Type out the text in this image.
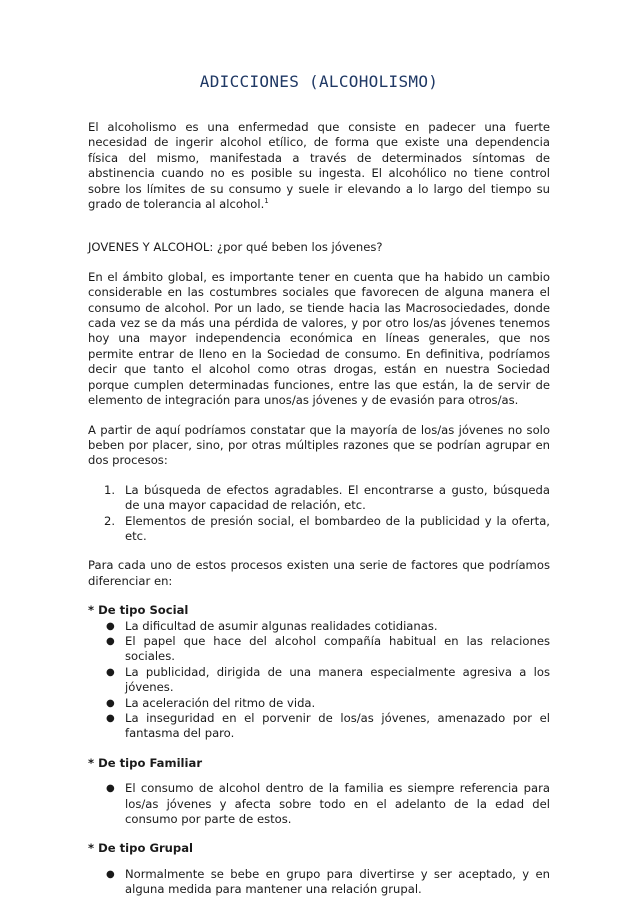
ADICCIONES (ALCOHOLISMO)

El alcoholismo es una enfermedad que consiste en padecer una fuerte necesidad de ingerir alcohol etílico, de forma que existe una dependencia física del mismo, manifestada a través de determinados síntomas de abstinencia cuando no es posible su ingesta. El alcohólico no tiene control sobre los límites de su consumo y suele ir elevando a lo largo del tiempo su grado de tolerancia al alcohol.$^1$

JOVENES Y ALCOHOL: ¿por qué beben los jóvenes?

En el ámbito global, es importante tener en cuenta que ha habido un cambio considerable en las costumbres sociales que favorecen de alguna manera el consumo de alcohol. Por un lado, se tiende hacia las Macrosociedades, donde cada vez se da más una pérdida de valores, y por otro los/as jóvenes tenemos hoy una mayor independencia económica en líneas generales, que nos permite entrar de lleno en la Sociedad de consumo. En definitiva, podríamos decir que tanto el alcohol como otras drogas, están en nuestra Sociedad porque cumplen determinadas funciones, entre las que están, la de servir de elemento de integración para unos/as jóvenes y de evasión para otros/as.

A partir de aquí podríamos constatar que la mayoría de los/as jóvenes no solo beben por placer, sino, por otras múltiples razones que se podrían agrupar en dos procesos:

1. La búsqueda de efectos agradables. El encontrarse a gusto, búsqueda de una mayor capacidad de relación, etc.
2. Elementos de presión social, el bombardeo de la publicidad y la oferta, etc.

Para cada uno de estos procesos existen una serie de factores que podríamos diferenciar en:

* De tipo Social

● La dificultad de asumir algunas realidades cotidianas.
● El papel que hace del alcohol compañía habitual en las relaciones sociales.
● La publicidad, dirigida de una manera especialmente agresiva a los jóvenes.
● La aceleración del ritmo de vida.
● La inseguridad en el porvenir de los/as jóvenes, amenazado por el fantasma del paro.

* De tipo Familiar

● El consumo de alcohol dentro de la familia es siempre referencia para los/as jóvenes y afecta sobre todo en el adelanto de la edad del consumo por parte de estos.

* De tipo Grupal

● Normalmente se bebe en grupo para divertirse y ser aceptado, y en alguna medida para mantener una relación grupal.
